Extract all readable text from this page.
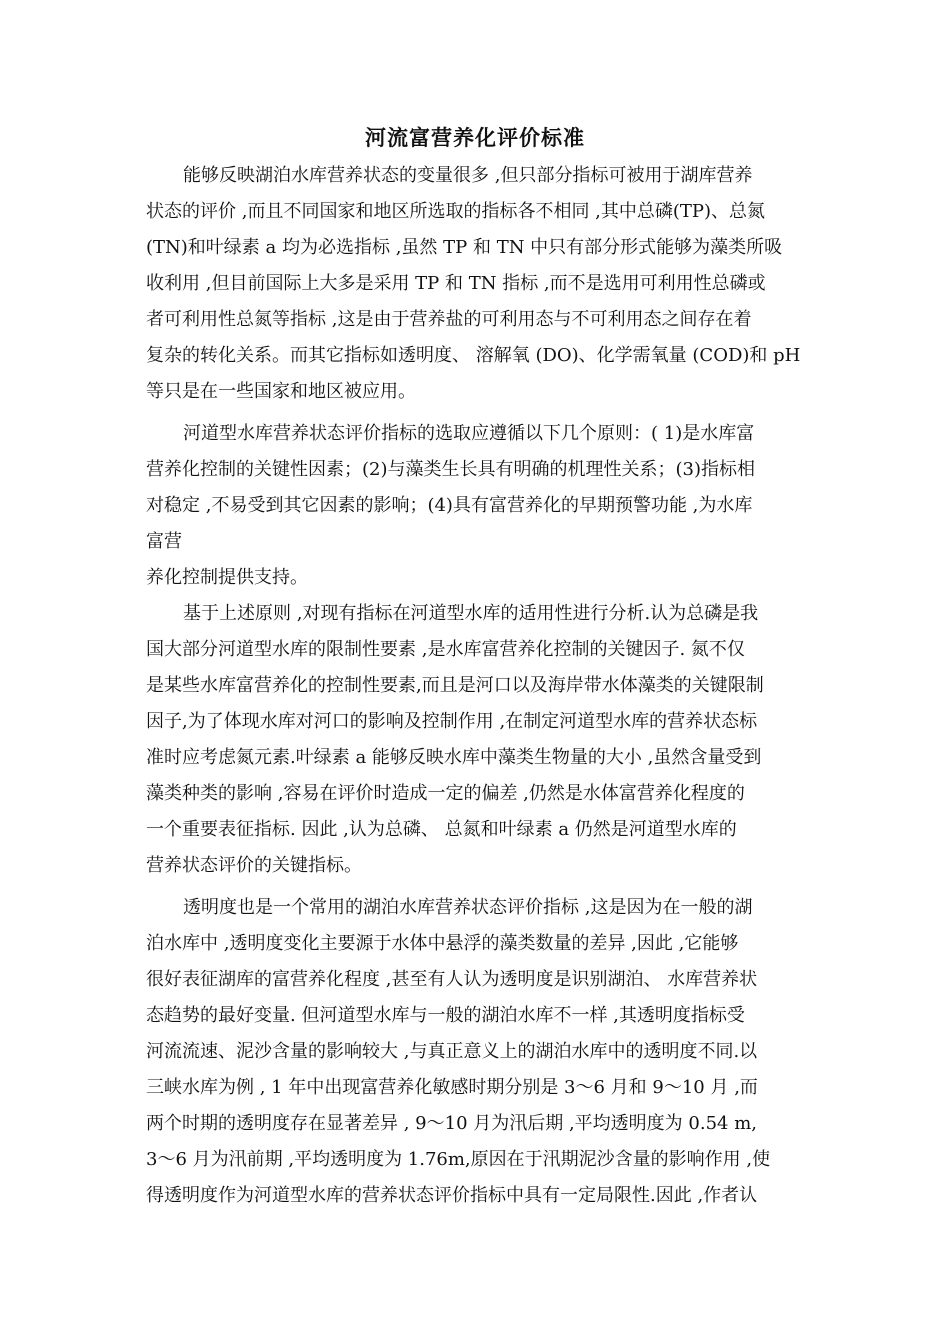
河流富营养化评价标准
能够反映湖泊水库营养状态的变量很多 ,但只部分指标可被用于湖库营养
状态的评价 ,而且不同国家和地区所选取的指标各不相同 ,其中总磷(TP)、总氮
(TN)和叶绿素 a 均为必选指标 ,虽然 TP 和 TN 中只有部分形式能够为藻类所吸
收利用 ,但目前国际上大多是采用 TP 和 TN 指标 ,而不是选用可利用性总磷或
者可利用性总氮等指标 ,这是由于营养盐的可利用态与不可利用态之间存在着
复杂的转化关系。而其它指标如透明度、 溶解氧 (DO)、化学需氧量 (COD)和 pH
等只是在一些国家和地区被应用。
河道型水库营养状态评价指标的选取应遵循以下几个原则：( 1)是水库富
营养化控制的关键性因素；(2)与藻类生长具有明确的机理性关系；(3)指标相
对稳定 ,不易受到其它因素的影响；(4)具有富营养化的早期预警功能 ,为水库
富营
养化控制提供支持。
基于上述原则 ,对现有指标在河道型水库的适用性进行分析.认为总磷是我
国大部分河道型水库的限制性要素 ,是水库富营养化控制的关键因子. 氮不仅
是某些水库富营养化的控制性要素,而且是河口以及海岸带水体藻类的关键限制
因子,为了体现水库对河口的影响及控制作用 ,在制定河道型水库的营养状态标
准时应考虑氮元素.叶绿素 a 能够反映水库中藻类生物量的大小 ,虽然含量受到
藻类种类的影响 ,容易在评价时造成一定的偏差 ,仍然是水体富营养化程度的
一个重要表征指标. 因此 ,认为总磷、 总氮和叶绿素 a 仍然是河道型水库的
营养状态评价的关键指标。
透明度也是一个常用的湖泊水库营养状态评价指标 ,这是因为在一般的湖
泊水库中 ,透明度变化主要源于水体中悬浮的藻类数量的差异 ,因此 ,它能够
很好表征湖库的富营养化程度 ,甚至有人认为透明度是识别湖泊、 水库营养状
态趋势的最好变量. 但河道型水库与一般的湖泊水库不一样 ,其透明度指标受
河流流速、泥沙含量的影响较大 ,与真正意义上的湖泊水库中的透明度不同.以
三峡水库为例 , 1 年中出现富营养化敏感时期分别是 3～6 月和 9～10 月 ,而
两个时期的透明度存在显著差异 , 9～10 月为汛后期 ,平均透明度为 0.54 m,
3～6 月为汛前期 ,平均透明度为 1.76m,原因在于汛期泥沙含量的影响作用 ,使
得透明度作为河道型水库的营养状态评价指标中具有一定局限性.因此 ,作者认
